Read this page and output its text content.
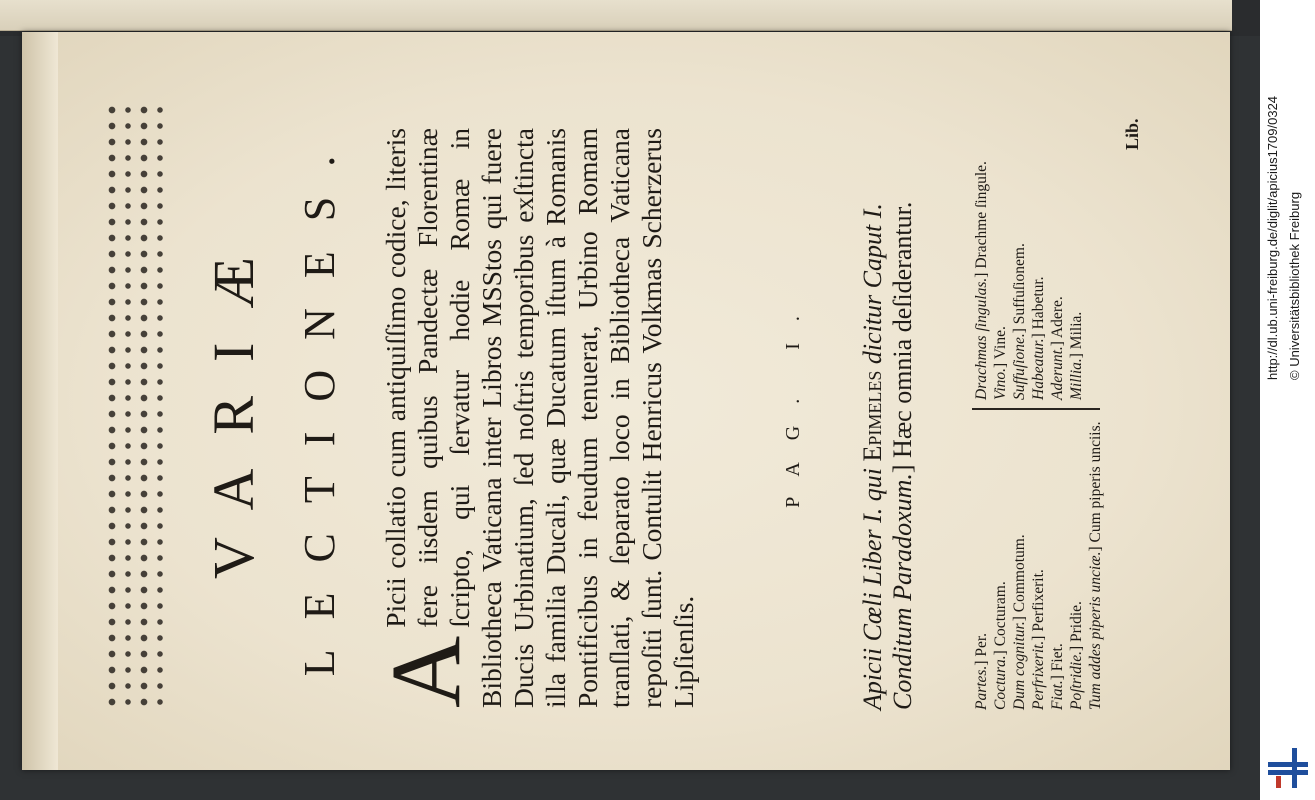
VARIÆ LECTIONES. A
Picii collatio cum antiquiſſimo codice, literis fere iisdem quibus Pandectæ Florentinæ ſcripto, qui ſervatur hodie Romæ in Bibliotheca Vaticana inter Libros MSStos qui fuere Ducis Urbinatium, ſed noſtris temporibus exſtincta illa familia Ducali, quæ Ducatum iſtum à Romanis Pontificibus in feudum tenuerat, Urbino Romam tranſlati, & ſeparato loco in Bibliotheca Vaticana repoſiti ſunt. Contulit Henricus Volkmas Scherzerus Lipſienſis.
PAG. I.
Apicii Cœli Liber I. qui Epimeles dicitur Caput I. Conditum Paradoxum.] Hæc omnia deſiderantur.
Partes.] Per.
Coctura.] Cocturam.
Dum cognitur.] Commotum.
Perfrixerit.] Perfixerit.
Fiat.] Fiet. Poſtridie.] Pridie. Tum addes piperis unciæ.] Cum piperis unciis.
Drachmas ſingulas.] Drachme ſingule.
Vino.] Vine. Suffuſione.] Suffuſionem.
Habeatur.] Habetur.
Aderunt.] Adere.
Millia.] Milia.
Lib.	http://dl.ub.uni-freiburg.de/diglit/apicius1709/0324 © Universitätsbibliothek Freiburg
